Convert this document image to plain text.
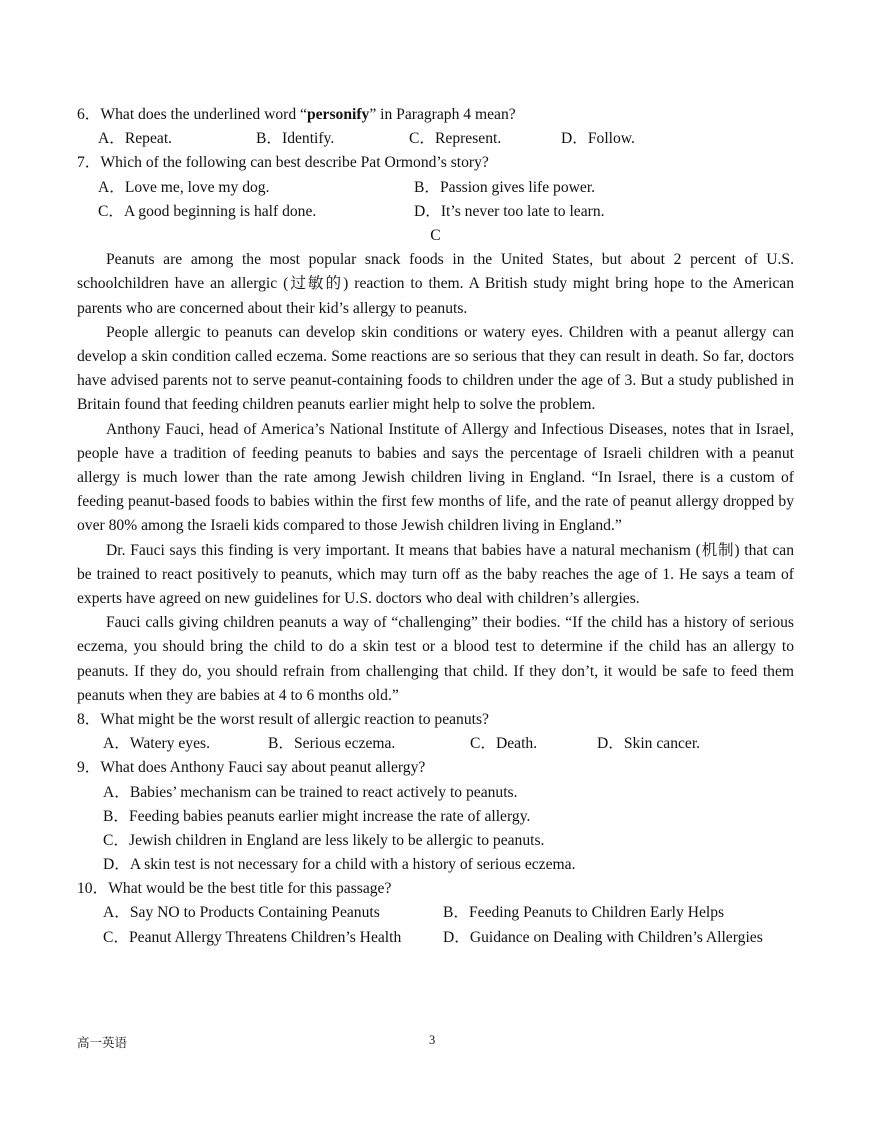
6．What does the underlined word “personify” in Paragraph 4 mean?
A．Repeat.	B．Identify.	C．Represent.	D．Follow.
7．Which of the following can best describe Pat Ormond’s story?
A．Love me, love my dog.	B．Passion gives life power.
C．A good beginning is half done.	D．It’s never too late to learn.
C

Peanuts are among the most popular snack foods in the United States, but about 2 percent of U.S. schoolchildren have an allergic (过敏的) reaction to them. A British study might bring hope to the American parents who are concerned about their kid’s allergy to peanuts.

People allergic to peanuts can develop skin conditions or watery eyes. Children with a peanut allergy can develop a skin condition called eczema. Some reactions are so serious that they can result in death. So far, doctors have advised parents not to serve peanut-containing foods to children under the age of 3. But a study published in Britain found that feeding children peanuts earlier might help to solve the problem.

Anthony Fauci, head of America’s National Institute of Allergy and Infectious Diseases, notes that in Israel, people have a tradition of feeding peanuts to babies and says the percentage of Israeli children with a peanut allergy is much lower than the rate among Jewish children living in England. “In Israel, there is a custom of feeding peanut-based foods to babies within the first few months of life, and the rate of peanut allergy dropped by over 80% among the Israeli kids compared to those Jewish children living in England.”

Dr. Fauci says this finding is very important. It means that babies have a natural mechanism (机制) that can be trained to react positively to peanuts, which may turn off as the baby reaches the age of 1. He says a team of experts have agreed on new guidelines for U.S. doctors who deal with children’s allergies.

Fauci calls giving children peanuts a way of “challenging” their bodies. “If the child has a history of serious eczema, you should bring the child to do a skin test or a blood test to determine if the child has an allergy to peanuts. If they do, you should refrain from challenging that child. If they don’t, it would be safe to feed them peanuts when they are babies at 4 to 6 months old.”

8．What might be the worst result of allergic reaction to peanuts?
A．Watery eyes.	B．Serious eczema.	C．Death.	D．Skin cancer.
9．What does Anthony Fauci say about peanut allergy?
A．Babies’ mechanism can be trained to react actively to peanuts.
B．Feeding babies peanuts earlier might increase the rate of allergy.
C．Jewish children in England are less likely to be allergic to peanuts.
D．A skin test is not necessary for a child with a history of serious eczema.
10．What would be the best title for this passage?
A．Say NO to Products Containing Peanuts	B．Feeding Peanuts to Children Early Helps
C．Peanut Allergy Threatens Children’s Health	D．Guidance on Dealing with Children’s Allergies
高一英语	3
